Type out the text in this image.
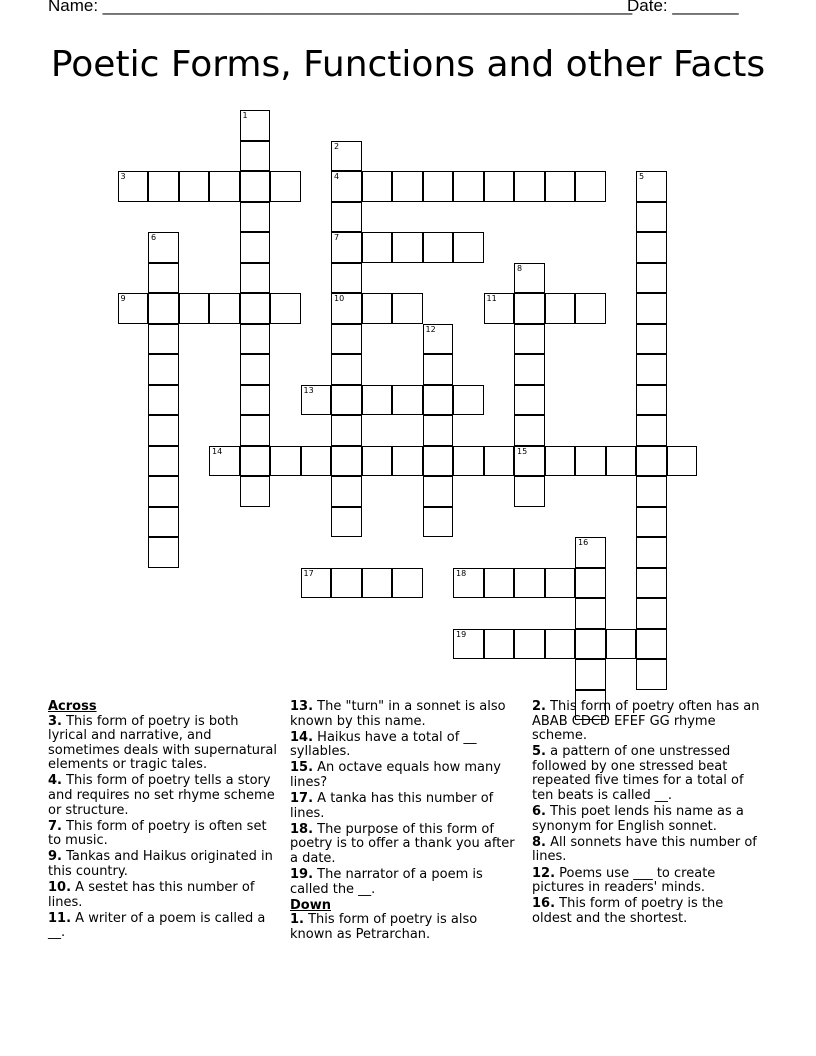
Name: ________________________________________________________
Date: _______
Poetic Forms, Functions and other Facts
1
2
4
7
10
3	5
6
8
15
9	11
12
13
14
16
17	18
19
Across
3. This form of poetry is both lyrical and narrative, and sometimes deals with supernatural elements or tragic tales.
4. This form of poetry tells a story and requires no set rhyme scheme or structure.
7. This form of poetry is often set to music.
9. Tankas and Haikus originated in this country.
10. A sestet has this number of lines.
11. A writer of a poem is called a __.
13. The "turn" in a sonnet is also known by this name.
14. Haikus have a total of __ syllables.
15. An octave equals how many lines?
17. A tanka has this number of lines.
18. The purpose of this form of poetry is to offer a thank you after a date.
19. The narrator of a poem is called the __.
Down
1. This form of poetry is also known as Petrarchan.
2. This form of poetry often has an ABAB CDCD EFEF GG rhyme scheme.
5. a pattern of one unstressed followed by one stressed beat repeated five times for a total of ten beats is called __.
6. This poet lends his name as a synonym for English sonnet.
8. All sonnets have this number of lines.
12. Poems use ___ to create pictures in readers' minds.
16. This form of poetry is the oldest and the shortest.
